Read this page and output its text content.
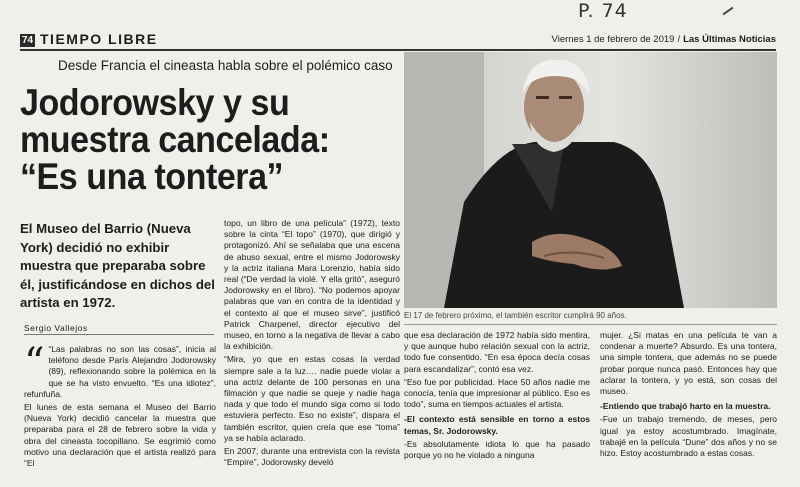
P. 74
74 TIEMPO LIBRE	Viernes 1 de febrero de 2019 / Las Últimas Noticias
Desde Francia el cineasta habla sobre el polémico caso
Jodorowsky y su
muestra cancelada:
“Es una tontera”
El 17 de febrero próximo, el también escritor cumplirá 90 años.
El Museo del Barrio (Nueva York) decidió no exhibir muestra que preparaba sobre él, justificándose en dichos del artista en 1972.
Sergio Vallejos
“ “Las palabras no son las cosas”, inicia al teléfono desde París Alejandro Jodorowsky (89), reflexionando sobre la polémica en la que se ha visto envuelto. “Es una idiotez”, refunfuña.

El lunes de esta semana el Museo del Barrio (Nueva York) decidió cancelar la muestra que preparaba para el 28 de febrero sobre la vida y obra del cineasta tocopillano. Se esgrimió como motivo una declaración que el artista realizó para “El

topo, un libro de una película” (1972), texto sobre la cinta “El topo” (1970), que dirigió y protagonizó. Ahí se señalaba que una escena de abuso sexual, entre el mismo Jodorowsky y la actriz italiana Mara Lorenzio, había sido real (“De verdad la violé. Y ella gritó”, aseguró Jodorowsky en el libro). “No podemos apoyar palabras que van en contra de la identidad y el contexto al que el museo sirve”, justificó Patrick Charpenel, director ejecutivo del museo, en torno a la negativa de llevar a cabo la exhibición.

“Mira, yo que en estas cosas la verdad siempre sale a la luz…. nadie puede violar a una actriz delante de 100 personas en una filmación y que nadie se queje y nadie haga nada y que todo el mundo siga como si todo estuviera perfecto. Eso no existe”, dispara el también escritor, quien creía que ese “toma” ya se había aclarado.

En 2007, durante una entrevista con la revista “Empire”, Jodorowsky develó

que esa declaración de 1972 había sido mentira, y que aunque hubo relación sexual con la actriz, todo fue consentido. “En esa época decía cosas para escandalizar”, contó esa vez.

“Eso fue por publicidad. Hace 50 años nadie me conocía, tenía que impresionar al público. Eso es todo”, suma en tiempos actuales el artista.

-El contexto está sensible en torno a estos temas, Sr. Jodorowsky.

-Es absolutamente idiota lo que ha pasado porque yo no he violado a ninguna

mujer. ¿Si matas en una película te van a condenar a muerte? Absurdo. Es una tontera, una simple tontera, que además no se puede probar porque nunca pasó. Entonces hay que aclarar la tontera, y yo está, son cosas del museo.

-Entiendo que trabajó harto en la muestra.

-Fue un trabajo tremendo, de meses, pero igual ya estoy acostumbrado. Imagínate, trabajé en la película “Dune” dos años y no se hizo. Estoy acostumbrado a estas cosas.
